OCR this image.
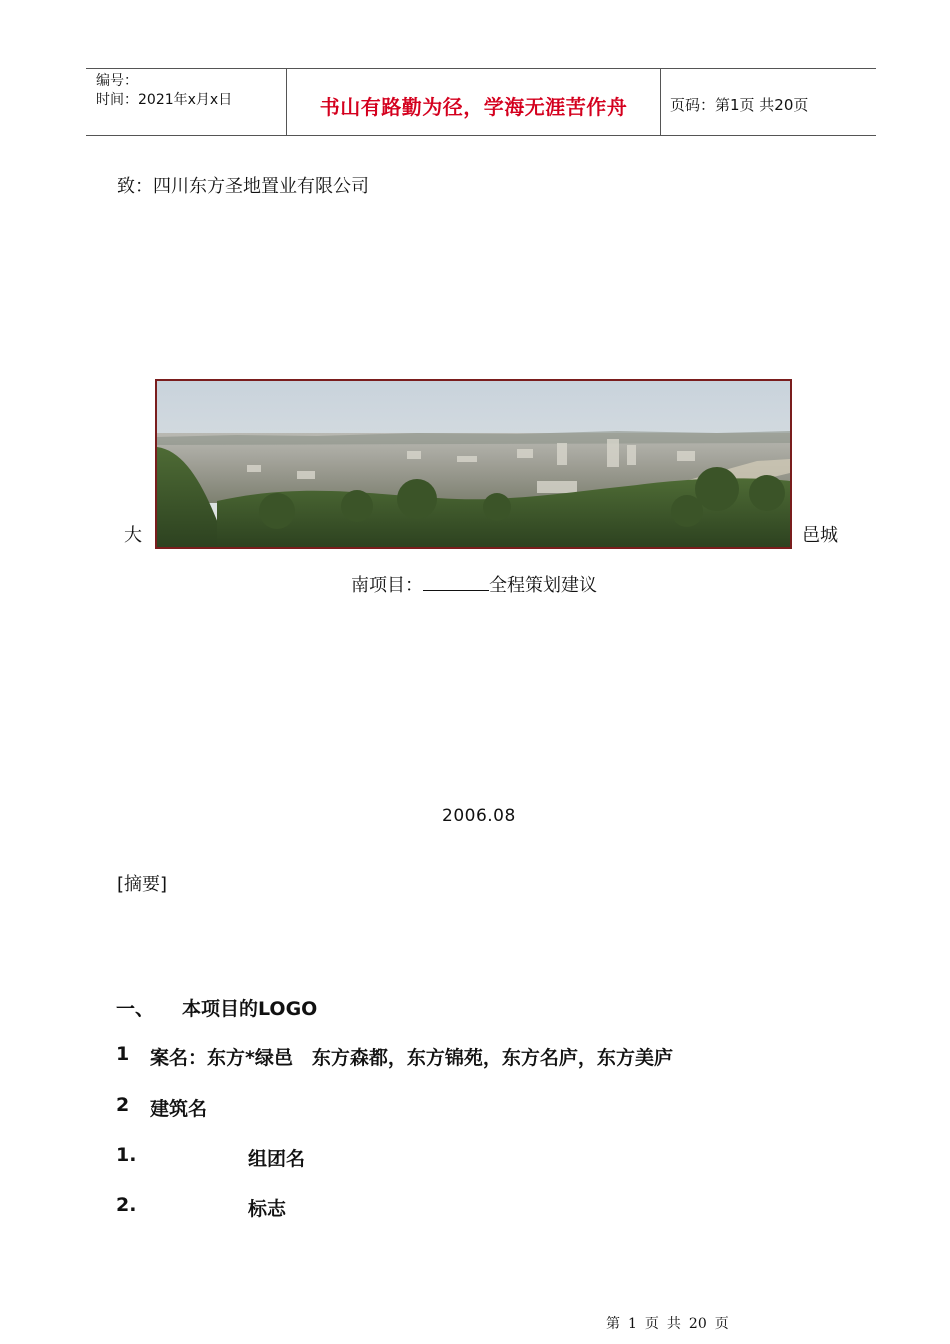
编号：
时间：2021年x月x日	书山有路勤为径，学海无涯苦作舟	页码：第1页 共20页
致：四川东方圣地置业有限公司
大	邑城
南项目：	全程策划建议
2006.08
[摘要]
一、 本项目的LOGO
1 案名：东方*绿邑　东方森都，东方锦苑，东方名庐，东方美庐
2 建筑名
1.	组团名
2.	标志
第 1 页 共 20 页
